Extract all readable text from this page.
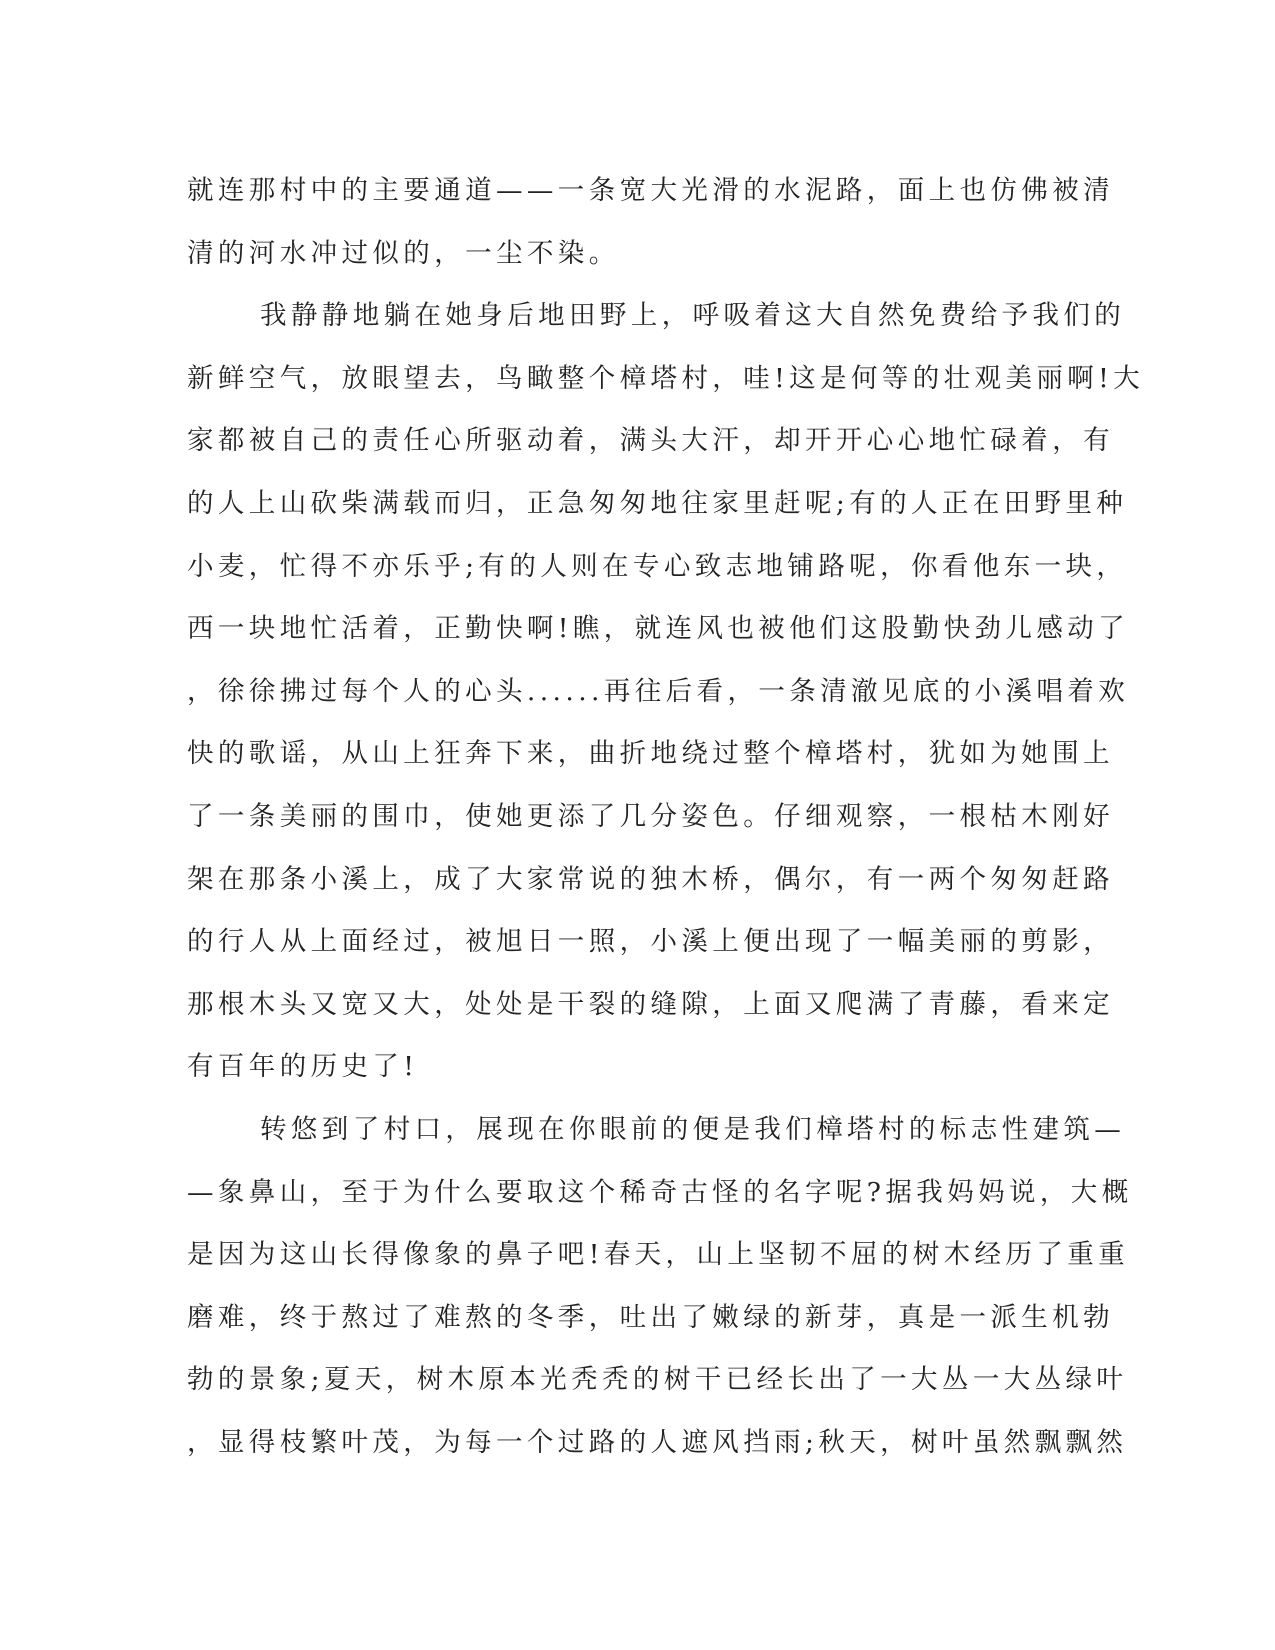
就连那村中的主要通道——一条宽大光滑的水泥路，面上也仿佛被清

清的河水冲过似的，一尘不染。

我静静地躺在她身后地田野上，呼吸着这大自然免费给予我们的

新鲜空气，放眼望去，鸟瞰整个樟塔村，哇!这是何等的壮观美丽啊!大

家都被自己的责任心所驱动着，满头大汗，却开开心心地忙碌着，有

的人上山砍柴满载而归，正急匆匆地往家里赶呢;有的人正在田野里种

小麦，忙得不亦乐乎;有的人则在专心致志地铺路呢，你看他东一块，

西一块地忙活着，正勤快啊!瞧，就连风也被他们这股勤快劲儿感动了

，徐徐拂过每个人的心头......再往后看，一条清澈见底的小溪唱着欢

快的歌谣，从山上狂奔下来，曲折地绕过整个樟塔村，犹如为她围上

了一条美丽的围巾，使她更添了几分姿色。仔细观察，一根枯木刚好

架在那条小溪上，成了大家常说的独木桥，偶尔，有一两个匆匆赶路

的行人从上面经过，被旭日一照，小溪上便出现了一幅美丽的剪影，

那根木头又宽又大，处处是干裂的缝隙，上面又爬满了青藤，看来定

有百年的历史了!

转悠到了村口，展现在你眼前的便是我们樟塔村的标志性建筑—

—象鼻山，至于为什么要取这个稀奇古怪的名字呢?据我妈妈说，大概

是因为这山长得像象的鼻子吧!春天，山上坚韧不屈的树木经历了重重

磨难，终于熬过了难熬的冬季，吐出了嫩绿的新芽，真是一派生机勃

勃的景象;夏天，树木原本光秃秃的树干已经长出了一大丛一大丛绿叶

，显得枝繁叶茂，为每一个过路的人遮风挡雨;秋天，树叶虽然飘飘然
